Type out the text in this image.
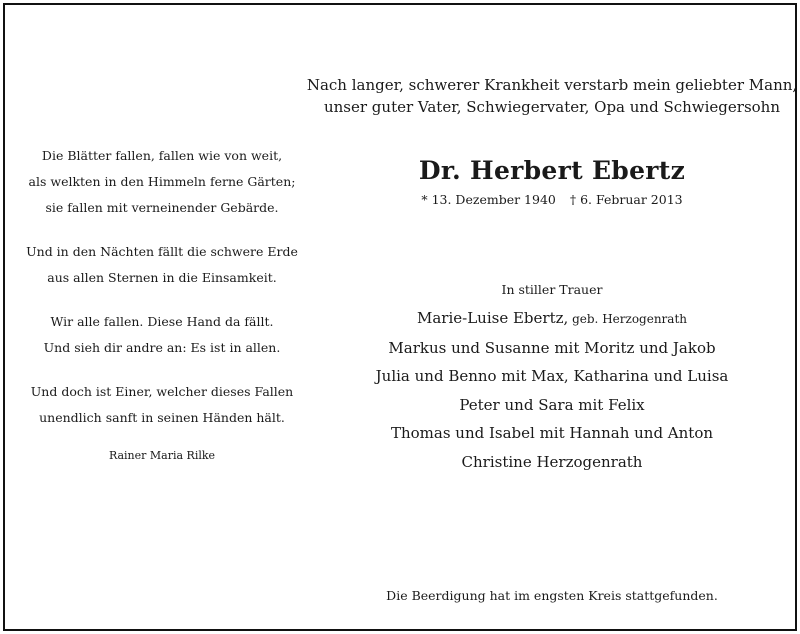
Die Blätter fallen, fallen wie von weit,
als welkten in den Himmeln ferne Gärten;
sie fallen mit verneinender Gebärde.
Und in den Nächten fällt die schwere Erde
aus allen Sternen in die Einsamkeit.
Wir alle fallen. Diese Hand da fällt.
Und sieh dir andre an: Es ist in allen.
Und doch ist Einer, welcher dieses Fallen
unendlich sanft in seinen Händen hält.
Rainer Maria Rilke
Nach langer, schwerer Krankheit verstarb mein geliebter Mann,
unser guter Vater, Schwiegervater, Opa und Schwiegersohn
Dr. Herbert Ebertz
* 13. Dezember 1940 † 6. Februar 2013
In stiller Trauer
Marie-Luise Ebertz, geb. Herzogenrath
Markus und Susanne mit Moritz und Jakob
Julia und Benno mit Max, Katharina und Luisa
Peter und Sara mit Felix
Thomas und Isabel mit Hannah und Anton
Christine Herzogenrath
Die Beerdigung hat im engsten Kreis stattgefunden.
